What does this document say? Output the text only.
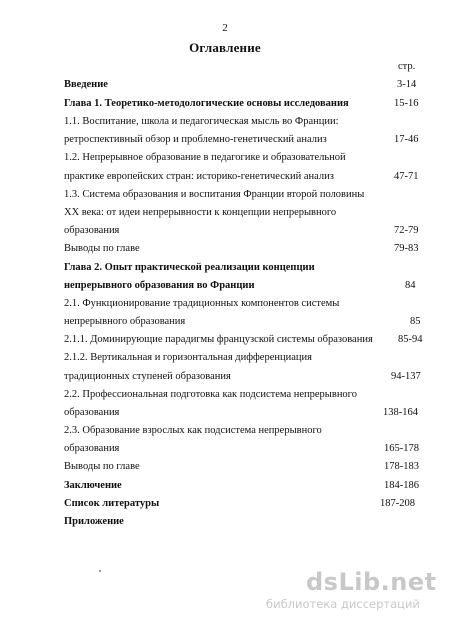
2
Оглавление
стр.
Введение	3-14
Глава 1. Теоретико-методологические основы исследования	15-16
1.1. Воспитание, школа и педагогическая мысль во Франции:
ретроспективный обзор и проблемно-генетический анализ	17-46
1.2. Непрерывное образование в педагогике и образовательной
практике европейских стран: историко-генетический анализ	47-71
1.3. Система образования и воспитания Франции второй половины
XX века: от идеи непрерывности к концепции непрерывного
образования	72-79
Выводы по главе	79-83
Глава 2. Опыт практической реализации концепции
непрерывного образования во Франции	84
2.1. Функционирование традиционных компонентов системы
непрерывного образования	85
2.1.1. Доминирующие парадигмы французской системы образования 85-94
2.1.2. Вертикальная и горизонтальная дифференциация
традиционных ступеней образования	94-137
2.2. Профессиональная подготовка как подсистема непрерывного
образования	138-164
2.3. Образование взрослых как подсистема непрерывного
образования	165-178
Выводы по главе	178-183
Заключение	184-186
Список литературы	187-208
Приложение
dsLib.net
библиотека диссертаций
